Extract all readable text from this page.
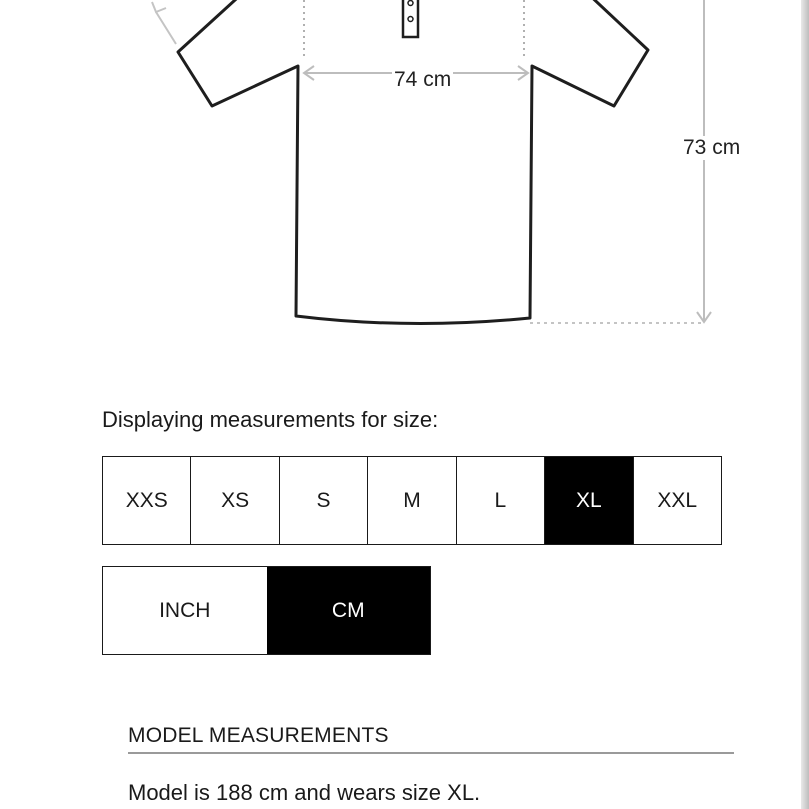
74 cm
73 cm
Displaying measurements for size:
XXS	XS	S	M	L	XL	XXL
INCH	CM
MODEL MEASUREMENTS
Model is 188 cm and wears size XL.
